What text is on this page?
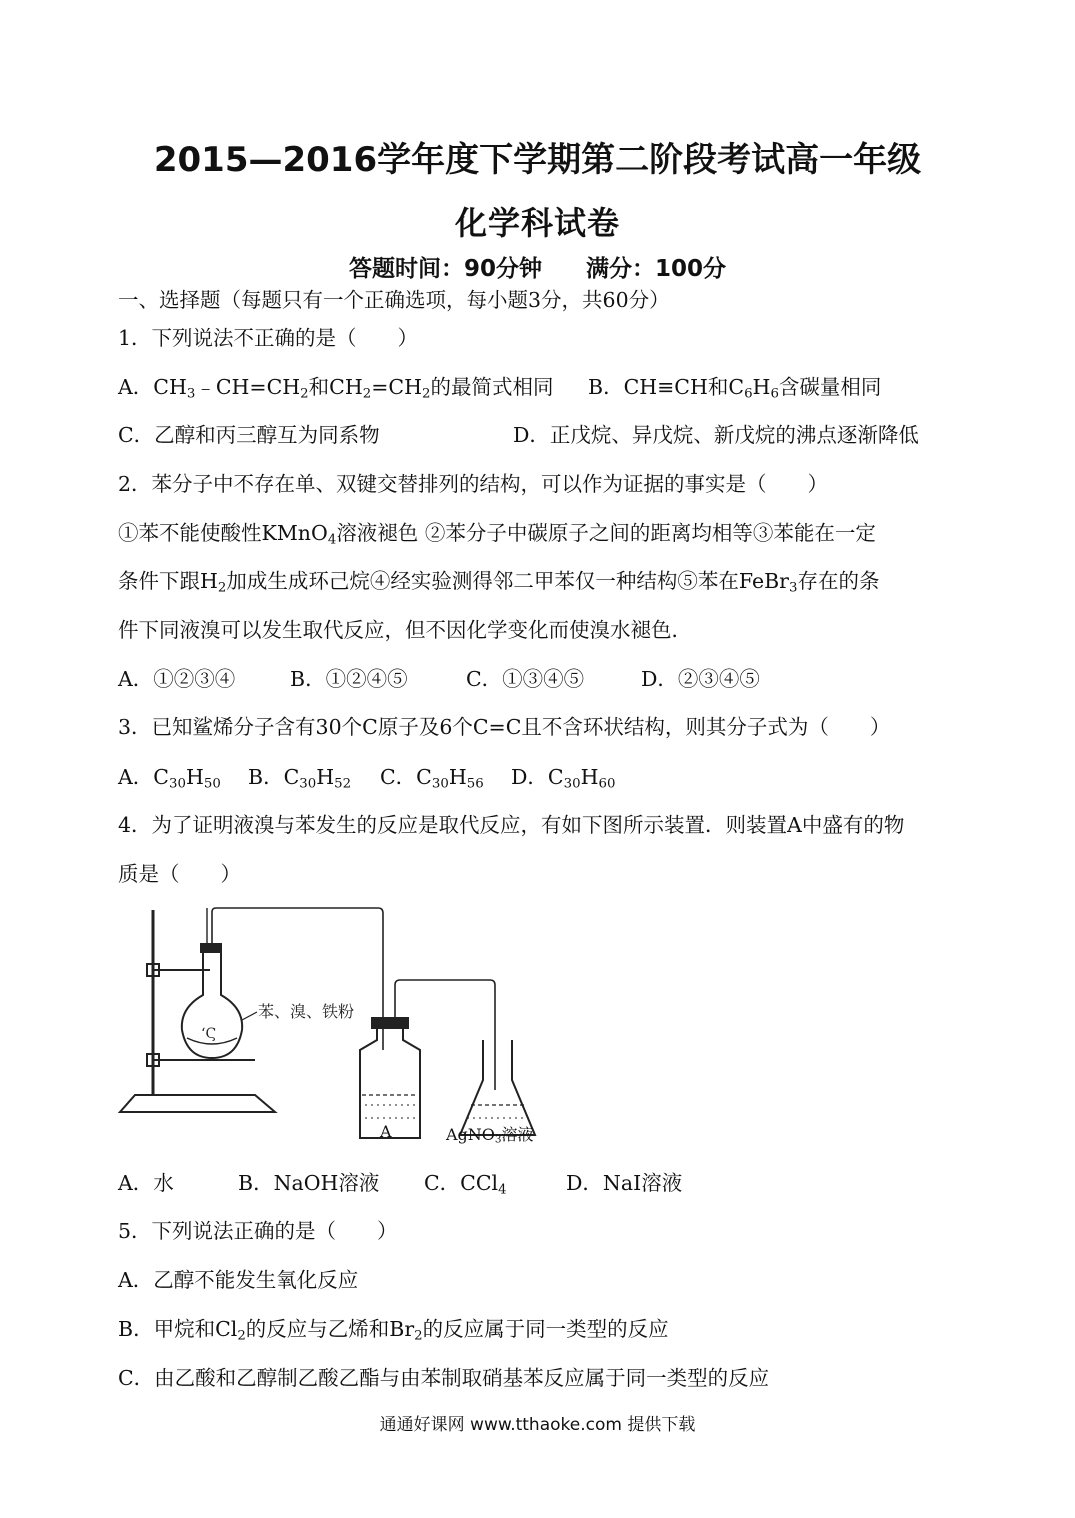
2015—2016学年度下学期第二阶段考试高一年级
化学科试卷
答题时间：90分钟 满分：100分
一、选择题（每题只有一个正确选项，每小题3分，共60分）
1．下列说法不正确的是（　　）
A．$CH_3﹣CH=CH_2$和$CH_2=CH_2$的最简式相同 B．CH≡CH和$C_6H_6$含碳量相同
C．乙醇和丙三醇互为同系物	D．正戊烷、异戊烷、新戊烷的沸点逐渐降低
2．苯分子中不存在单、双键交替排列的结构，可以作为证据的事实是（　　）
①苯不能使酸性KMnO$_4$溶液褪色 ②苯分子中碳原子之间的距离均相等③苯能在一定
条件下跟$H_2$加成生成环己烷④经实验测得邻二甲苯仅一种结构⑤苯在FeBr$_3$存在的条
件下同液溴可以发生取代反应，但不因化学变化而使溴水褪色．
A．①②③④	B．①②④⑤	C．①③④⑤	D．②③④⑤
3．已知鲨烯分子含有30个C原子及6个C=C且不含环状结构，则其分子式为（　　）
A．$C_{30}H_{50}$ B．$C_{30}H_{52}$ C．$C_{30}H_{56}$ D．$C_{30}H_{60}$
4．为了证明液溴与苯发生的反应是取代反应，有如下图所示装置．则装置A中盛有的物
质是（　　）
ʻϚ
苯、溴、铁粉
A	AgNO$_3$溶液
A．水	B．NaOH溶液 C．CCl$_4$	D．NaI溶液
5．下列说法正确的是（　　）
A．乙醇不能发生氧化反应
B．甲烷和$Cl_2$的反应与乙烯和$Br_2$的反应属于同一类型的反应
C．由乙酸和乙醇制乙酸乙酯与由苯制取硝基苯反应属于同一类型的反应
通通好课网 www.tthaoke.com 提供下载
